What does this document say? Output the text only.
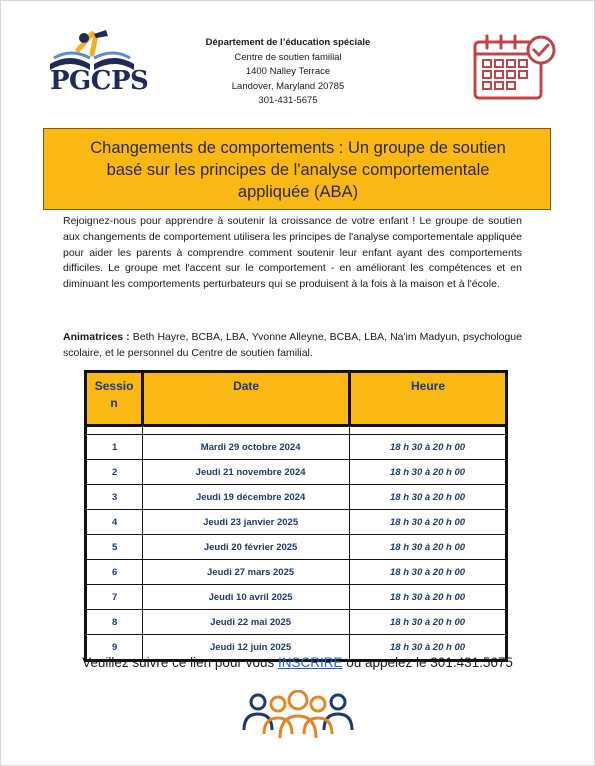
PGCPS
Département de l’éducation spéciale
Centre de soutien familial
1400 Nalley Terrace
Landover, Maryland 20785
301-431-5675
Changements de comportements : Un groupe de soutien
basé sur les principes de l'analyse comportementale
appliquée (ABA)
Rejoignez-nous pour apprendre à soutenir la croissance de votre enfant ! Le groupe de soutien aux changements de comportement utilisera les principes de l'analyse comportementale appliquée pour aider les parents à comprendre comment soutenir leur enfant ayant des comportements difficiles. Le groupe met l'accent sur le comportement - en améliorant les compétences et en diminuant les comportements perturbateurs qui se produisent à la fois à la maison et à l'école.
Animatrices : Beth Hayre, BCBA, LBA, Yvonne Alleyne, BCBA, LBA, Na'im Madyun, psychologue scolaire, et le personnel du Centre de soutien familial.
Sessio
n	Date	Heure

1	Mardi 29 octobre 2024	18 h 30 à 20 h 00
2	Jeudi 21 novembre 2024	18 h 30 à 20 h 00
3	Jeudi 19 décembre 2024	18 h 30 à 20 h 00
4	Jeudi 23 janvier 2025	18 h 30 à 20 h 00
5	Jeudi 20 février 2025	18 h 30 à 20 h 00
6	Jeudi 27 mars 2025	18 h 30 à 20 h 00
7	Jeudi 10 avril 2025	18 h 30 à 20 h 00
8	Jeudi 22 mai 2025	18 h 30 à 20 h 00
9	Jeudi 12 juin 2025	18 h 30 à 20 h 00
Veuillez suivre ce lien pour vous INSCRIRE ou appelez le 301.431.5675
